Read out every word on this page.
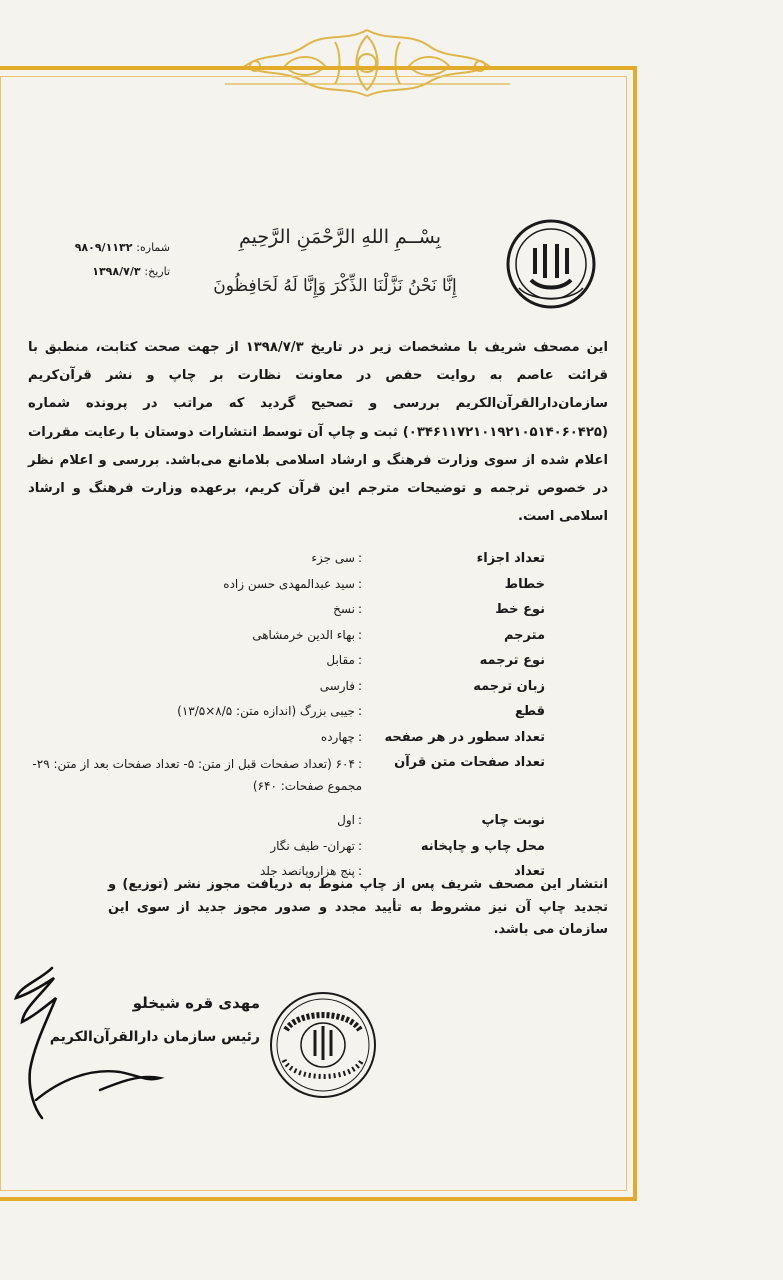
بِسْــمِ اللهِ الرَّحْمَنِ الرَّحِيمِ
إِنَّا نَحْنُ نَزَّلْنَا الذِّكْرَ وَإِنَّا لَهُ لَحَافِظُونَ
شماره: ۹۸۰۹/۱۱۳۲
تاریخ: ۱۳۹۸/۷/۳
این مصحف شریف با مشخصات زیر در تاریخ ۱۳۹۸/۷/۳ از جهت صحت کتابت، منطبق با قرائت عاصم به روایت حفص در معاونت نظارت بر چاپ و نشر قرآن‌کریم سازمان‌دارالقرآن‌الکریم بررسی و تصحیح گردید که مراتب در پرونده شماره (۰۳۴۶۱۱۷۲۱۰۱۹۲۱۰۵۱۴۰۶۰۴۲۵) ثبت و چاپ آن توسط انتشارات دوستان با رعایت مقررات اعلام شده از سوی وزارت فرهنگ و ارشاد اسلامی بلامانع می‌باشد. بررسی و اعلام نظر در خصوص ترجمه و توضیحات مترجم این قرآن کریم، برعهده وزارت فرهنگ و ارشاد اسلامی است.
تعداد اجزاء
:سی جزء
خطاط
:سید عبدالمهدی حسن زاده
نوع خط
:نسخ
مترجم
:بهاء الدین خرمشاهی
نوع ترجمه
:مقابل
زبان ترجمه
:فارسی
قطع
:جیبی بزرگ (اندازه متن: ۸/۵×۱۳/۵)
تعداد سطور در هر صفحه
:چهارده
تعداد صفحات متن قرآن
:۶۰۴ (تعداد صفحات قبل از متن: ۵- تعداد صفحات بعد از متن: ۲۹- مجموع صفحات: ۶۴۰)
نوبت چاپ
:اول
محل چاپ و چاپخانه
:تهران- طیف نگار
تعداد
:پنج هزاروپانصد جلد
انتشار این مصحف شریف پس از چاپ منوط به دریافت مجوز نشر (توزیع) و تجدید چاپ آن نیز مشروط به تأیید مجدد و صدور مجوز جدید از سوی این سازمان می باشد.
مهدی قره شیخلو
رئیس سازمان دارالقرآن‌الکریم
